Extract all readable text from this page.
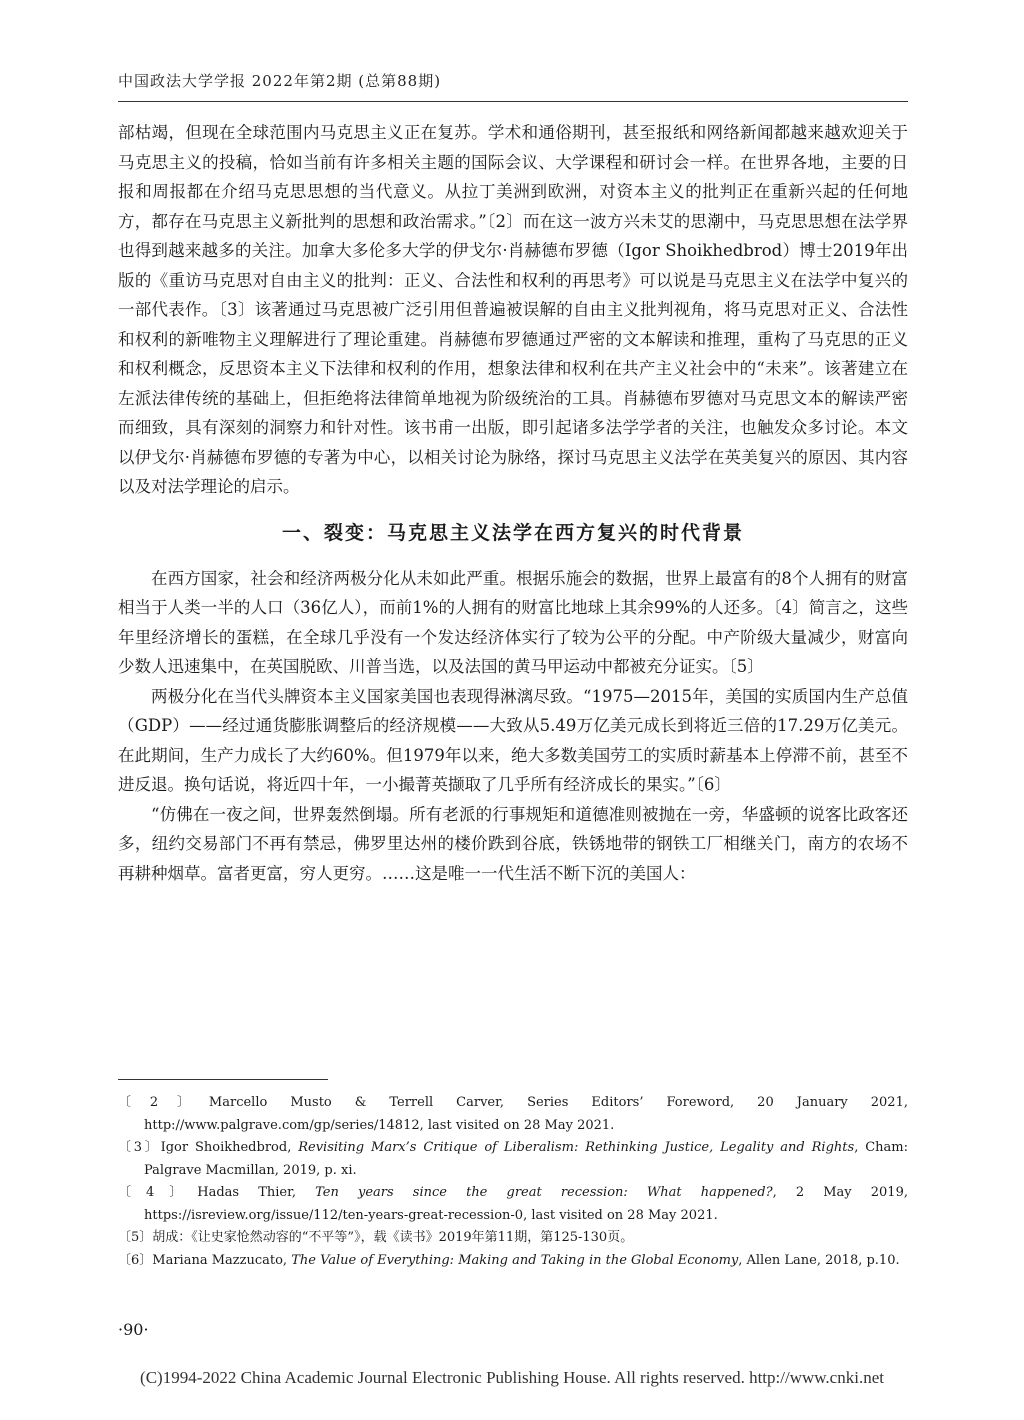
中国政法大学学报 2022年第2期 (总第88期)

部枯竭，但现在全球范围内马克思主义正在复苏。学术和通俗期刊，甚至报纸和网络新闻都越来越欢迎关于马克思主义的投稿，恰如当前有许多相关主题的国际会议、大学课程和研讨会一样。在世界各地，主要的日报和周报都在介绍马克思思想的当代意义。从拉丁美洲到欧洲，对资本主义的批判正在重新兴起的任何地方，都存在马克思主义新批判的思想和政治需求。”〔2〕而在这一波方兴未艾的思潮中，马克思思想在法学界也得到越来越多的关注。加拿大多伦多大学的伊戈尔·肖赫德布罗德（Igor Shoikhedbrod）博士2019年出版的《重访马克思对自由主义的批判：正义、合法性和权利的再思考》可以说是马克思主义在法学中复兴的一部代表作。〔3〕该著通过马克思被广泛引用但普遍被误解的自由主义批判视角，将马克思对正义、合法性和权利的新唯物主义理解进行了理论重建。肖赫德布罗德通过严密的文本解读和推理，重构了马克思的正义和权利概念，反思资本主义下法律和权利的作用，想象法律和权利在共产主义社会中的“未来”。该著建立在左派法律传统的基础上，但拒绝将法律简单地视为阶级统治的工具。肖赫德布罗德对马克思文本的解读严密而细致，具有深刻的洞察力和针对性。该书甫一出版，即引起诸多法学学者的关注，也触发众多讨论。本文以伊戈尔·肖赫德布罗德的专著为中心，以相关讨论为脉络，探讨马克思主义法学在英美复兴的原因、其内容以及对法学理论的启示。

一、裂变：马克思主义法学在西方复兴的时代背景

在西方国家，社会和经济两极分化从未如此严重。根据乐施会的数据，世界上最富有的8个人拥有的财富相当于人类一半的人口（36亿人），而前1%的人拥有的财富比地球上其余99%的人还多。〔4〕简言之，这些年里经济增长的蛋糕，在全球几乎没有一个发达经济体实行了较为公平的分配。中产阶级大量减少，财富向少数人迅速集中，在英国脱欧、川普当选，以及法国的黄马甲运动中都被充分证实。〔5〕

两极分化在当代头牌资本主义国家美国也表现得淋漓尽致。“1975—2015年，美国的实质国内生产总值（GDP）——经过通货膨胀调整后的经济规模——大致从5.49万亿美元成长到将近三倍的17.29万亿美元。在此期间，生产力成长了大约60%。但1979年以来，绝大多数美国劳工的实质时薪基本上停滞不前，甚至不进反退。换句话说，将近四十年，一小撮菁英撷取了几乎所有经济成长的果实。”〔6〕

“仿佛在一夜之间，世界轰然倒塌。所有老派的行事规矩和道德准则被抛在一旁，华盛顿的说客比政客还多，纽约交易部门不再有禁忌，佛罗里达州的楼价跌到谷底，铁锈地带的钢铁工厂相继关门，南方的农场不再耕种烟草。富者更富，穷人更穷。……这是唯一一代生活不断下沉的美国人：

〔2〕Marcello Musto & Terrell Carver, Series Editors’ Foreword, 20 January 2021, http://www.palgrave.com/gp/series/14812, last visited on 28 May 2021.

〔3〕Igor Shoikhedbrod, Revisiting Marx’s Critique of Liberalism: Rethinking Justice, Legality and Rights, Cham: Palgrave Macmillan, 2019, p. xi.

〔4〕Hadas Thier, Ten years since the great recession: What happened?, 2 May 2019, https://isreview.org/issue/112/ten-years-great-recession-0, last visited on 28 May 2021.

〔5〕胡成：《让史家怆然动容的“不平等”》，载《读书》2019年第11期，第125-130页。

〔6〕Mariana Mazzucato, The Value of Everything: Making and Taking in the Global Economy, Allen Lane, 2018, p.10.

·90·
(C)1994-2022 China Academic Journal Electronic Publishing House. All rights reserved. http://www.cnki.net
